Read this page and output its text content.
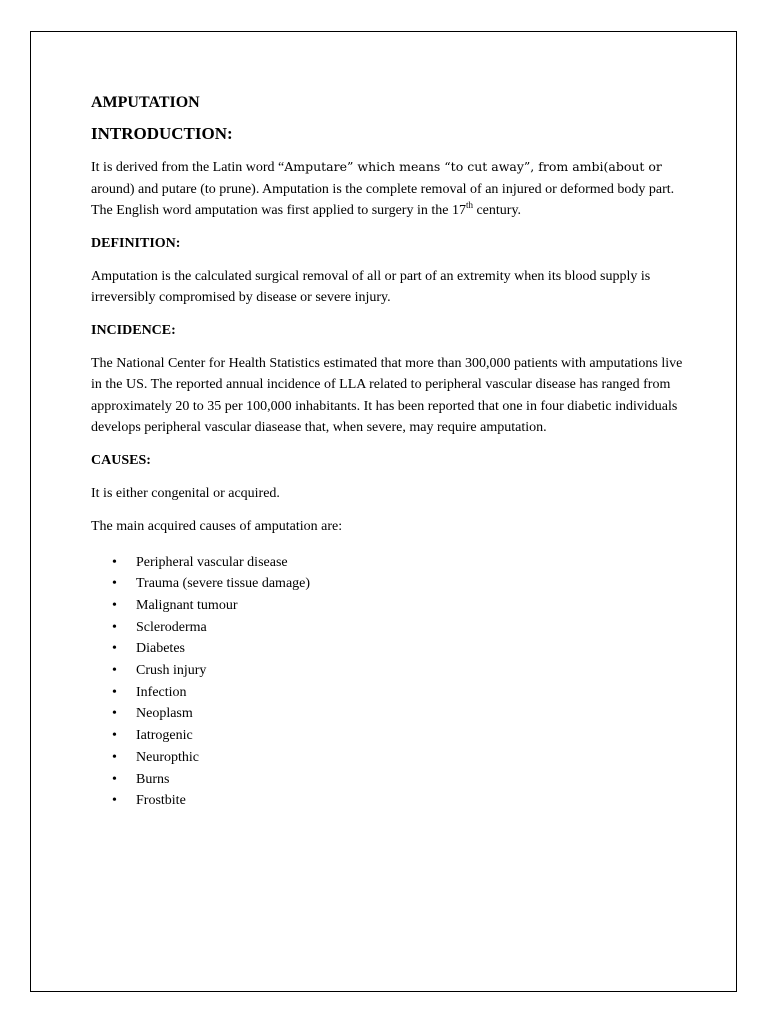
AMPUTATION
INTRODUCTION:

It is derived from the Latin word “Amputare” which means “to cut away”, from ambi(about or around) and putare (to prune). Amputation is the complete removal of an injured or deformed body part. The English word amputation was first applied to surgery in the 17th century.

DEFINITION:

Amputation is the calculated surgical removal of all or part of an extremity when its blood supply is irreversibly compromised by disease or severe injury.

INCIDENCE:

The National Center for Health Statistics estimated that more than 300,000 patients with amputations live in the US. The reported annual incidence of LLA related to peripheral vascular disease has ranged from approximately 20 to 35 per 100,000 inhabitants. It has been reported that one in four diabetic individuals develops peripheral vascular diasease that, when severe, may require amputation.

CAUSES:

It is either congenital or acquired.

The main acquired causes of amputation are:

• Peripheral vascular disease
• Trauma (severe tissue damage)
• Malignant tumour
• Scleroderma
• Diabetes
• Crush injury
• Infection
• Neoplasm
• Iatrogenic
• Neuropthic
• Burns
• Frostbite
